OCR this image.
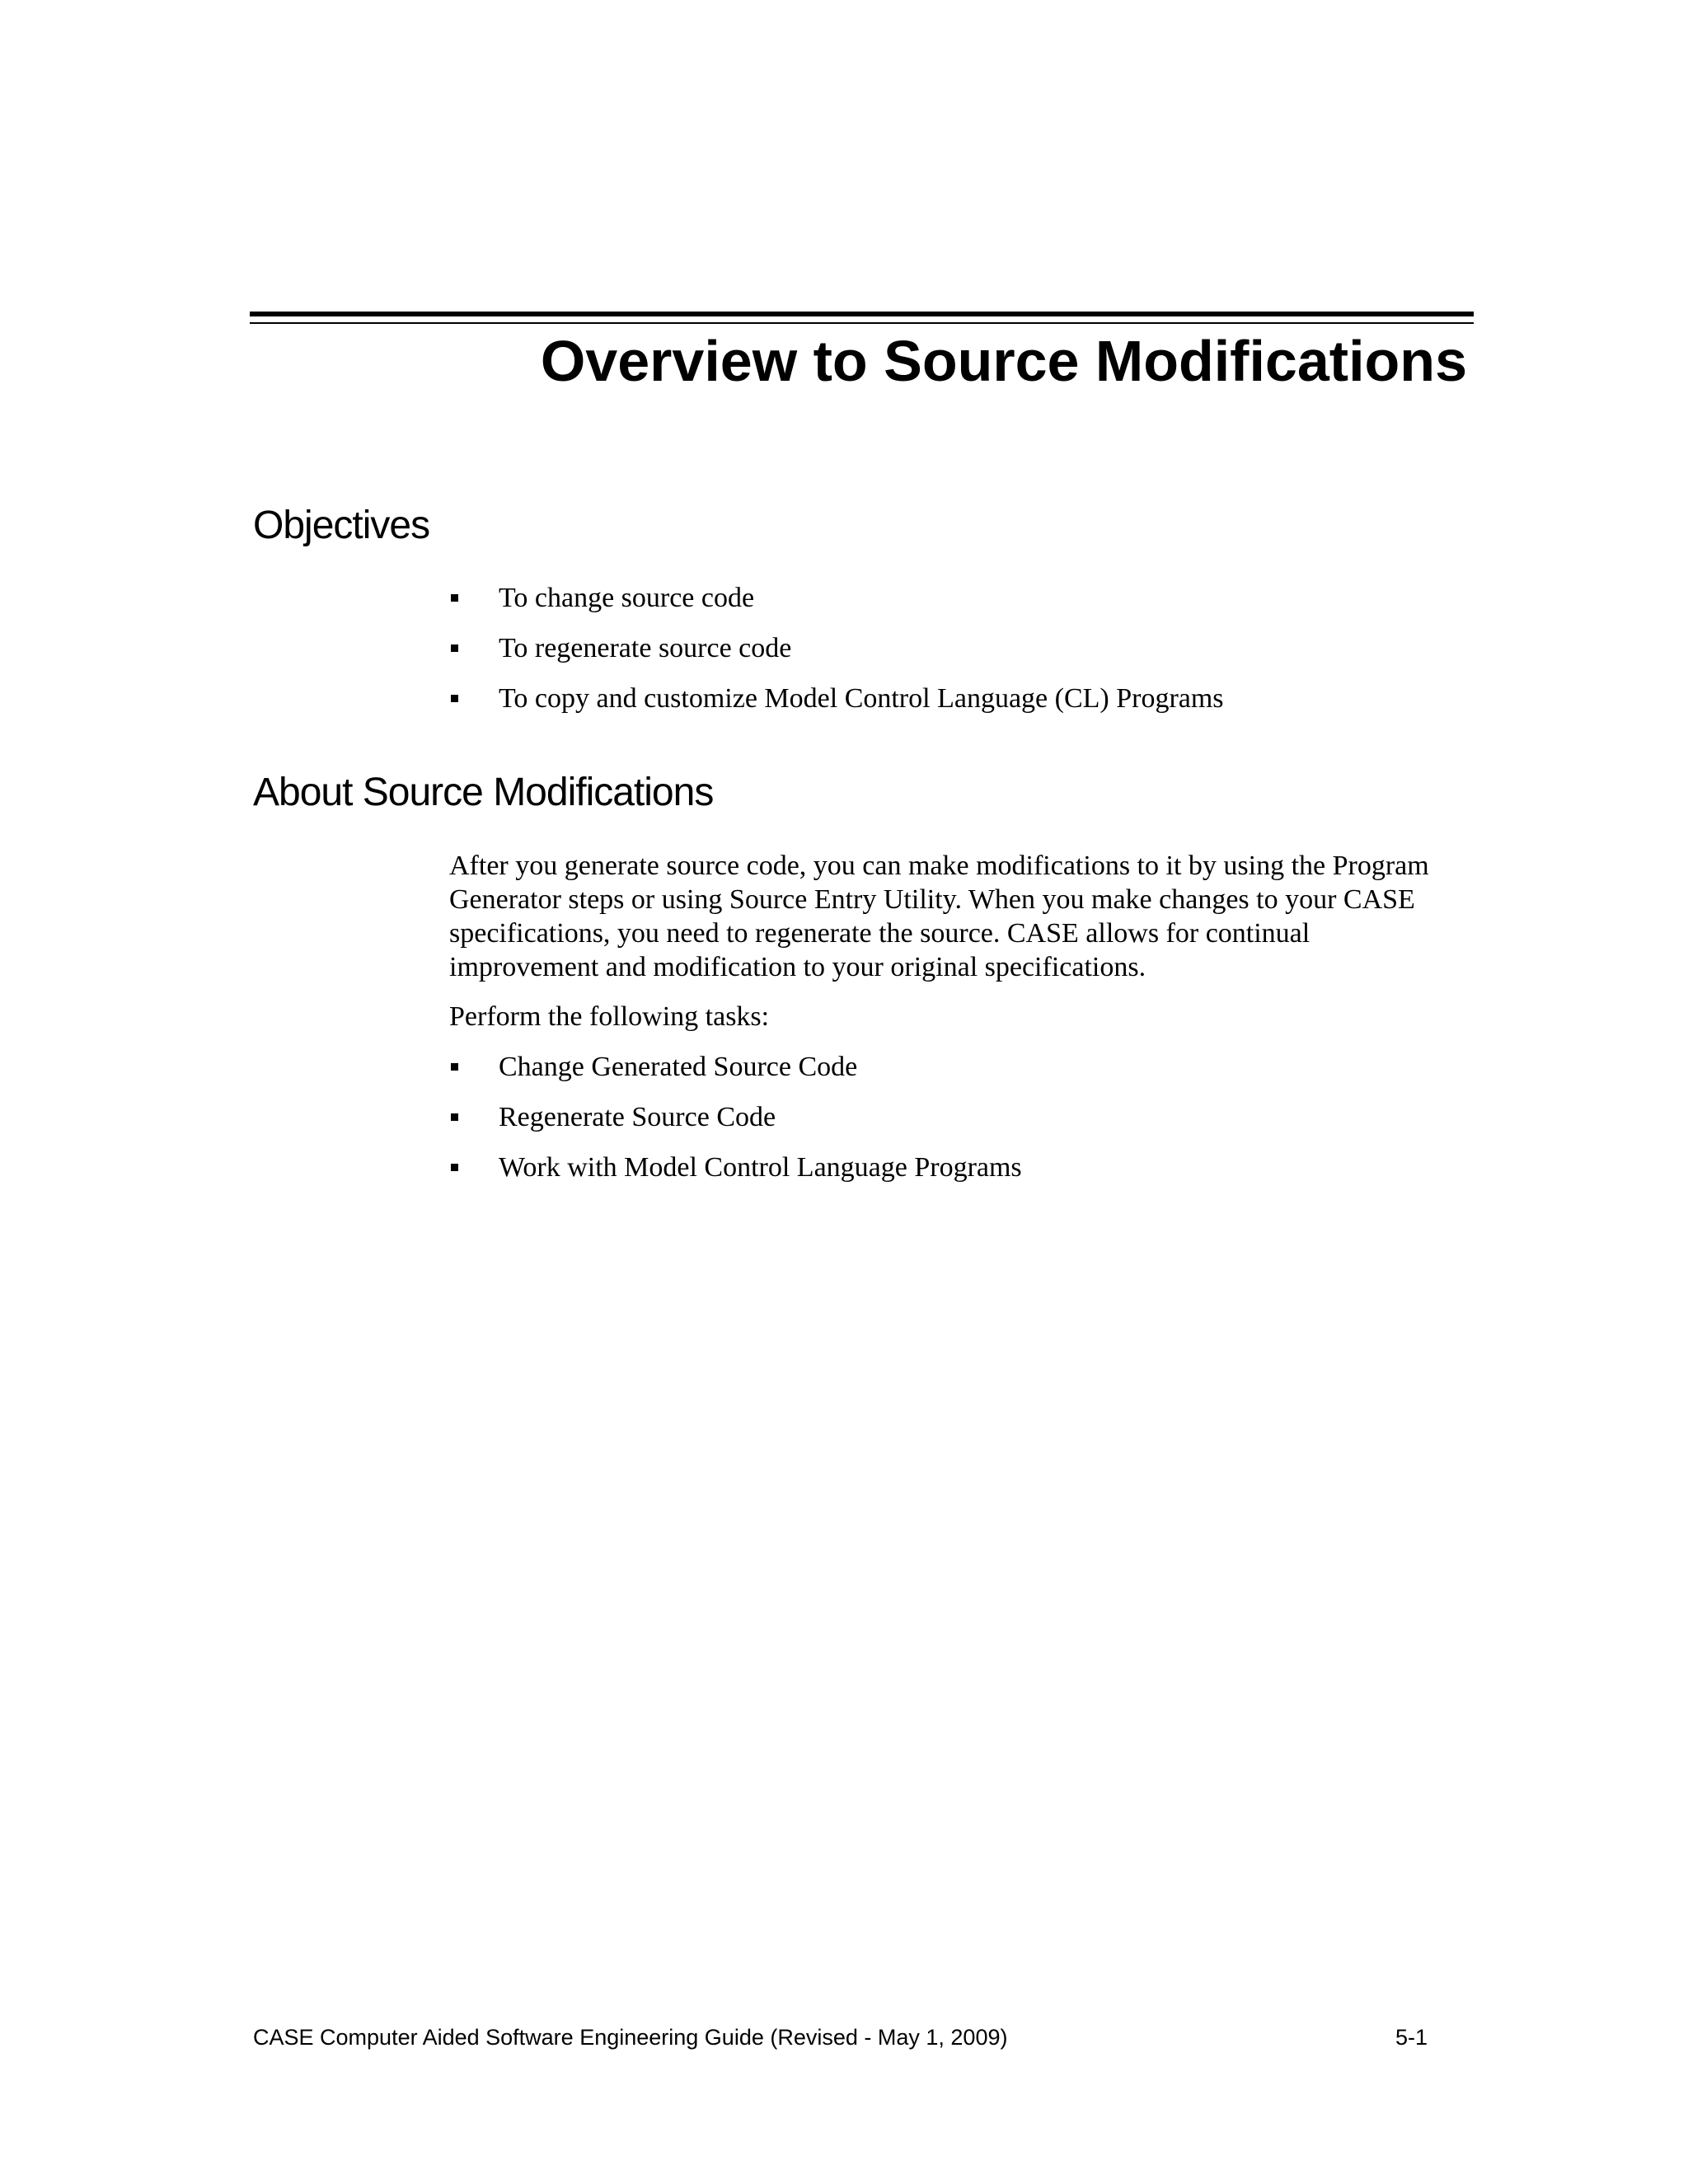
Overview to Source Modifications
Objectives
To change source code
To regenerate source code
To copy and customize Model Control Language (CL) Programs
About Source Modifications

After you generate source code, you can make modifications to it by using the Program Generator steps or using Source Entry Utility. When you make changes to your CASE specifications, you need to regenerate the source. CASE allows for continual improvement and modification to your original specifications.

Perform the following tasks:

Change Generated Source Code
Regenerate Source Code
Work with Model Control Language Programs
CASE Computer Aided Software Engineering Guide (Revised - May 1, 2009)	5-1
